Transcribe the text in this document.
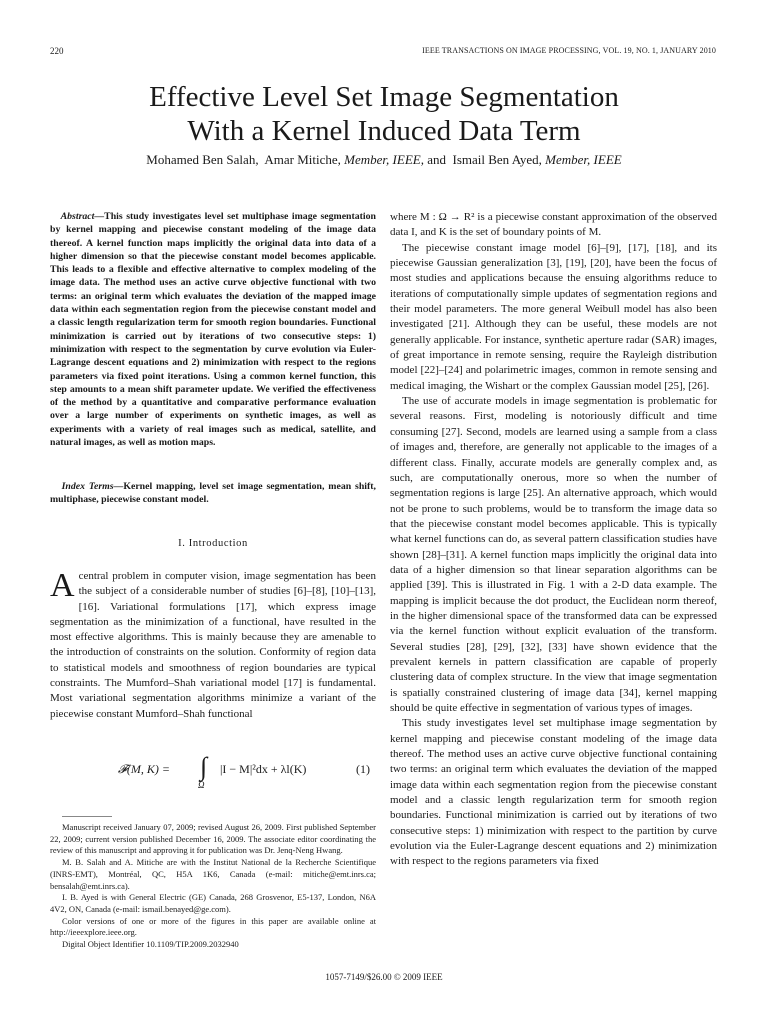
220	IEEE TRANSACTIONS ON IMAGE PROCESSING, VOL. 19, NO. 1, JANUARY 2010
Effective Level Set Image Segmentation
With a Kernel Induced Data Term
Mohamed Ben Salah, Amar Mitiche, Member, IEEE, and Ismail Ben Ayed, Member, IEEE

Abstract—This study investigates level set multiphase image segmentation by kernel mapping and piecewise constant modeling of the image data thereof. A kernel function maps implicitly the original data into data of a higher dimension so that the piecewise constant model becomes applicable. This leads to a flexible and effective alternative to complex modeling of the image data. The method uses an active curve objective functional with two terms: an original term which evaluates the deviation of the mapped image data within each segmentation region from the piecewise constant model and a classic length regularization term for smooth region boundaries. Functional minimization is carried out by iterations of two consecutive steps: 1) minimization with respect to the segmentation by curve evolution via Euler-Lagrange descent equations and 2) minimization with respect to the regions parameters via fixed point iterations. Using a common kernel function, this step amounts to a mean shift parameter update. We verified the effectiveness of the method by a quantitative and comparative performance evaluation over a large number of experiments on synthetic images, as well as experiments with a variety of real images such as medical, satellite, and natural images, as well as motion maps.

Index Terms—Kernel mapping, level set image segmentation, mean shift, multiphase, piecewise constant model.

I. Introduction

Acentral problem in computer vision, image segmentation has been the subject of a considerable number of studies [6]–[8], [10]–[13], [16]. Variational formulations [17], which express image segmentation as the minimization of a functional, have resulted in the most effective algorithms. This is mainly because they are amenable to the introduction of constraints on the solution. Conformity of region data to statistical models and smoothness of region boundaries are typical constraints. The Mumford–Shah variational model [17] is fundamental. Most variational segmentation algorithms minimize a variant of the piecewise constant Mumford–Shah functional

𝓕(M, K) = ∫
Ω
|I − M|²dx + λl(K)	(1)

Manuscript received January 07, 2009; revised August 26, 2009. First published September 22, 2009; current version published December 16, 2009. The associate editor coordinating the review of this manuscript and approving it for publication was Dr. Jenq-Neng Hwang.

M. B. Salah and A. Mitiche are with the Institut National de la Recherche Scientifique (INRS-EMT), Montréal, QC, H5A 1K6, Canada (e-mail: mitiche@emt.inrs.ca; bensalah@emt.inrs.ca).

I. B. Ayed is with General Electric (GE) Canada, 268 Grosvenor, E5-137, London, N6A 4V2, ON, Canada (e-mail: ismail.benayed@ge.com).

Color versions of one or more of the figures in this paper are available online at http://ieeexplore.ieee.org.

Digital Object Identifier 10.1109/TIP.2009.2032940

where M : Ω → R² is a piecewise constant approximation of the observed data I, and K is the set of boundary points of M.

The piecewise constant image model [6]–[9], [17], [18], and its piecewise Gaussian generalization [3], [19], [20], have been the focus of most studies and applications because the ensuing algorithms reduce to iterations of computationally simple updates of segmentation regions and their model parameters. The more general Weibull model has also been investigated [21]. Although they can be useful, these models are not generally applicable. For instance, synthetic aperture radar (SAR) images, of great importance in remote sensing, require the Rayleigh distribution model [22]–[24] and polarimetric images, common in remote sensing and medical imaging, the Wishart or the complex Gaussian model [25], [26].

The use of accurate models in image segmentation is problematic for several reasons. First, modeling is notoriously difficult and time consuming [27]. Second, models are learned using a sample from a class of images and, therefore, are generally not applicable to the images of a different class. Finally, accurate models are generally complex and, as such, are computationally onerous, more so when the number of segmentation regions is large [25]. An alternative approach, which would not be prone to such problems, would be to transform the image data so that the piecewise constant model becomes applicable. This is typically what kernel functions can do, as several pattern classification studies have shown [28]–[31]. A kernel function maps implicitly the original data into data of a higher dimension so that linear separation algorithms can be applied [39]. This is illustrated in Fig. 1 with a 2-D data example. The mapping is implicit because the dot product, the Euclidean norm thereof, in the higher dimensional space of the transformed data can be expressed via the kernel function without explicit evaluation of the transform. Several studies [28], [29], [32], [33] have shown evidence that the prevalent kernels in pattern classification are capable of properly clustering data of complex structure. In the view that image segmentation is spatially constrained clustering of image data [34], kernel mapping should be quite effective in segmentation of various types of images.

This study investigates level set multiphase image segmentation by kernel mapping and piecewise constant modeling of the image data thereof. The method uses an active curve objective functional containing two terms: an original term which evaluates the deviation of the mapped image data within each segmentation region from the piecewise constant model and a classic length regularization term for smooth region boundaries. Functional minimization is carried out by iterations of two consecutive steps: 1) minimization with respect to the partition by curve evolution via the Euler-Lagrange descent equations and 2) minimization with respect to the regions parameters via fixed

1057-7149/$26.00 © 2009 IEEE
